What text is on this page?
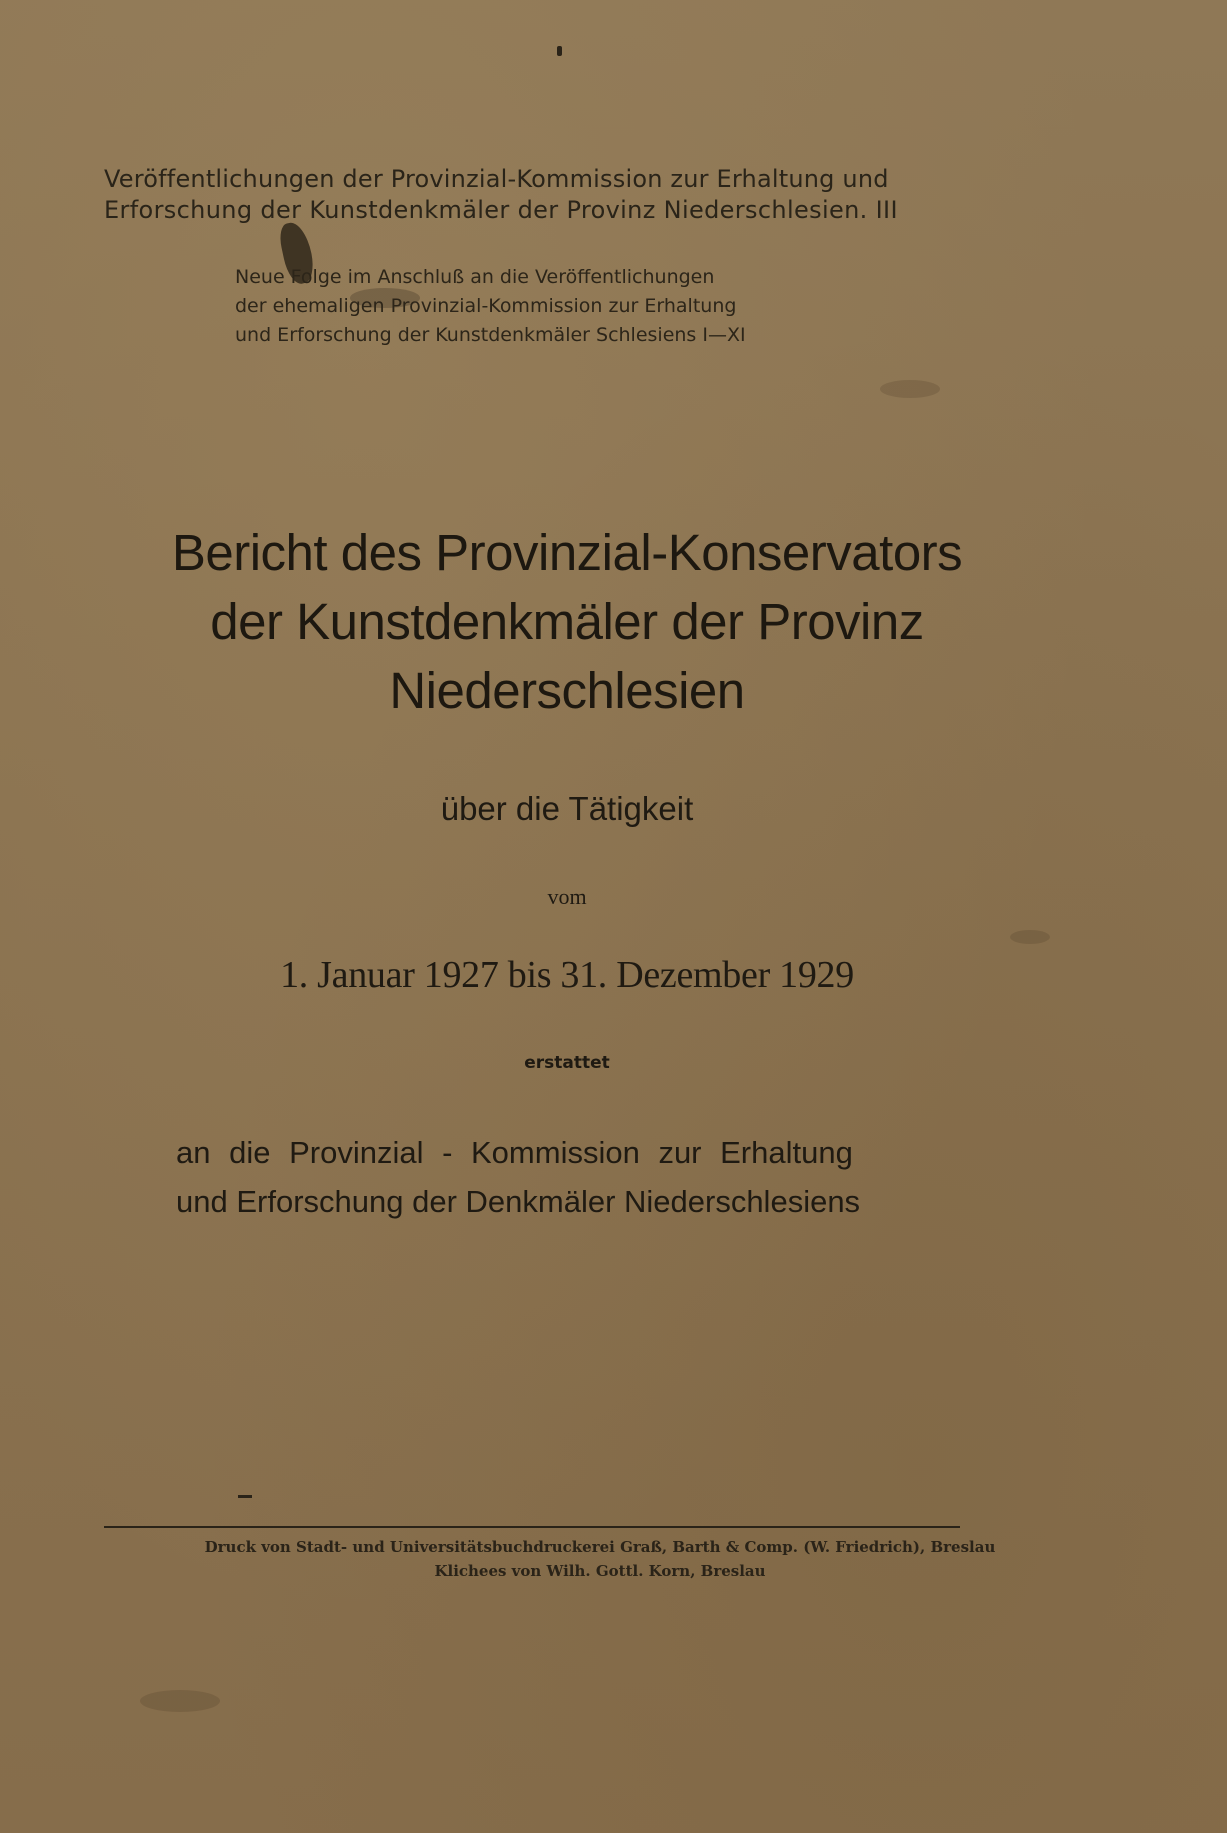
Veröffentlichungen der Provinzial-Kommission zur Erhaltung und
Erforschung der Kunstdenkmäler der Provinz Niederschlesien. III
Neue Folge im Anschluß an die Veröffentlichungen
der ehemaligen Provinzial-Kommission zur Erhaltung
und Erforschung der Kunstdenkmäler Schlesiens I—XI
Bericht des Provinzial-Konservators
der Kunstdenkmäler der Provinz
Niederschlesien
über die Tätigkeit
vom
1. Januar 1927 bis 31. Dezember 1929
erstattet
an die Provinzial - Kommission zur Erhaltung
und Erforschung der Denkmäler Niederschlesiens
Druck von Stadt- und Universitätsbuchdruckerei Graß, Barth & Comp. (W. Friedrich), Breslau
Klichees von Wilh. Gottl. Korn, Breslau
